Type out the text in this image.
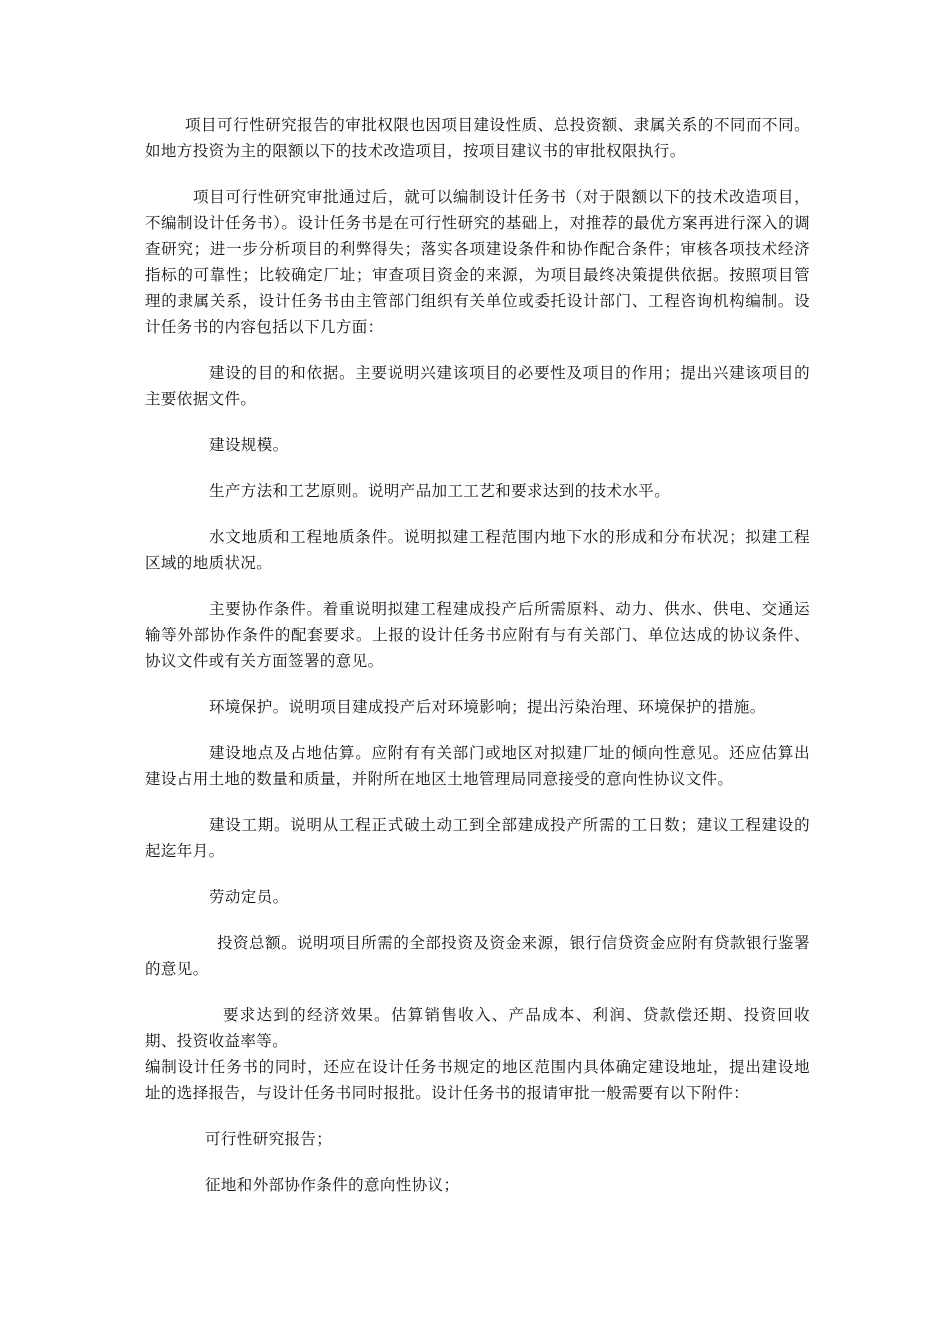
项目可行性研究报告的审批权限也因项目建设性质、总投资额、隶属关系的不同而不同。如地方投资为主的限额以下的技术改造项目，按项目建议书的审批权限执行。

项目可行性研究审批通过后，就可以编制设计任务书（对于限额以下的技术改造项目，不编制设计任务书）。设计任务书是在可行性研究的基础上，对推荐的最优方案再进行深入的调查研究；进一步分析项目的利弊得失；落实各项建设条件和协作配合条件；审核各项技术经济指标的可靠性；比较确定厂址；审查项目资金的来源，为项目最终决策提供依据。按照项目管理的隶属关系，设计任务书由主管部门组织有关单位或委托设计部门、工程咨询机构编制。设计任务书的内容包括以下几方面：

建设的目的和依据。主要说明兴建该项目的必要性及项目的作用；提出兴建该项目的主要依据文件。

建设规模。

生产方法和工艺原则。说明产品加工工艺和要求达到的技术水平。

水文地质和工程地质条件。说明拟建工程范围内地下水的形成和分布状况；拟建工程区域的地质状况。

主要协作条件。着重说明拟建工程建成投产后所需原料、动力、供水、供电、交通运输等外部协作条件的配套要求。上报的设计任务书应附有与有关部门、单位达成的协议条件、协议文件或有关方面签署的意见。

环境保护。说明项目建成投产后对环境影响；提出污染治理、环境保护的措施。

建设地点及占地估算。应附有有关部门或地区对拟建厂址的倾向性意见。还应估算出建设占用土地的数量和质量，并附所在地区土地管理局同意接受的意向性协议文件。

建设工期。说明从工程正式破土动工到全部建成投产所需的工日数；建议工程建设的起迄年月。

劳动定员。

投资总额。说明项目所需的全部投资及资金来源，银行信贷资金应附有贷款银行鉴署的意见。

要求达到的经济效果。估算销售收入、产品成本、利润、贷款偿还期、投资回收期、投资收益率等。

编制设计任务书的同时，还应在设计任务书规定的地区范围内具体确定建设地址，提出建设地址的选择报告，与设计任务书同时报批。设计任务书的报请审批一般需要有以下附件：

可行性研究报告；

征地和外部协作条件的意向性协议；
